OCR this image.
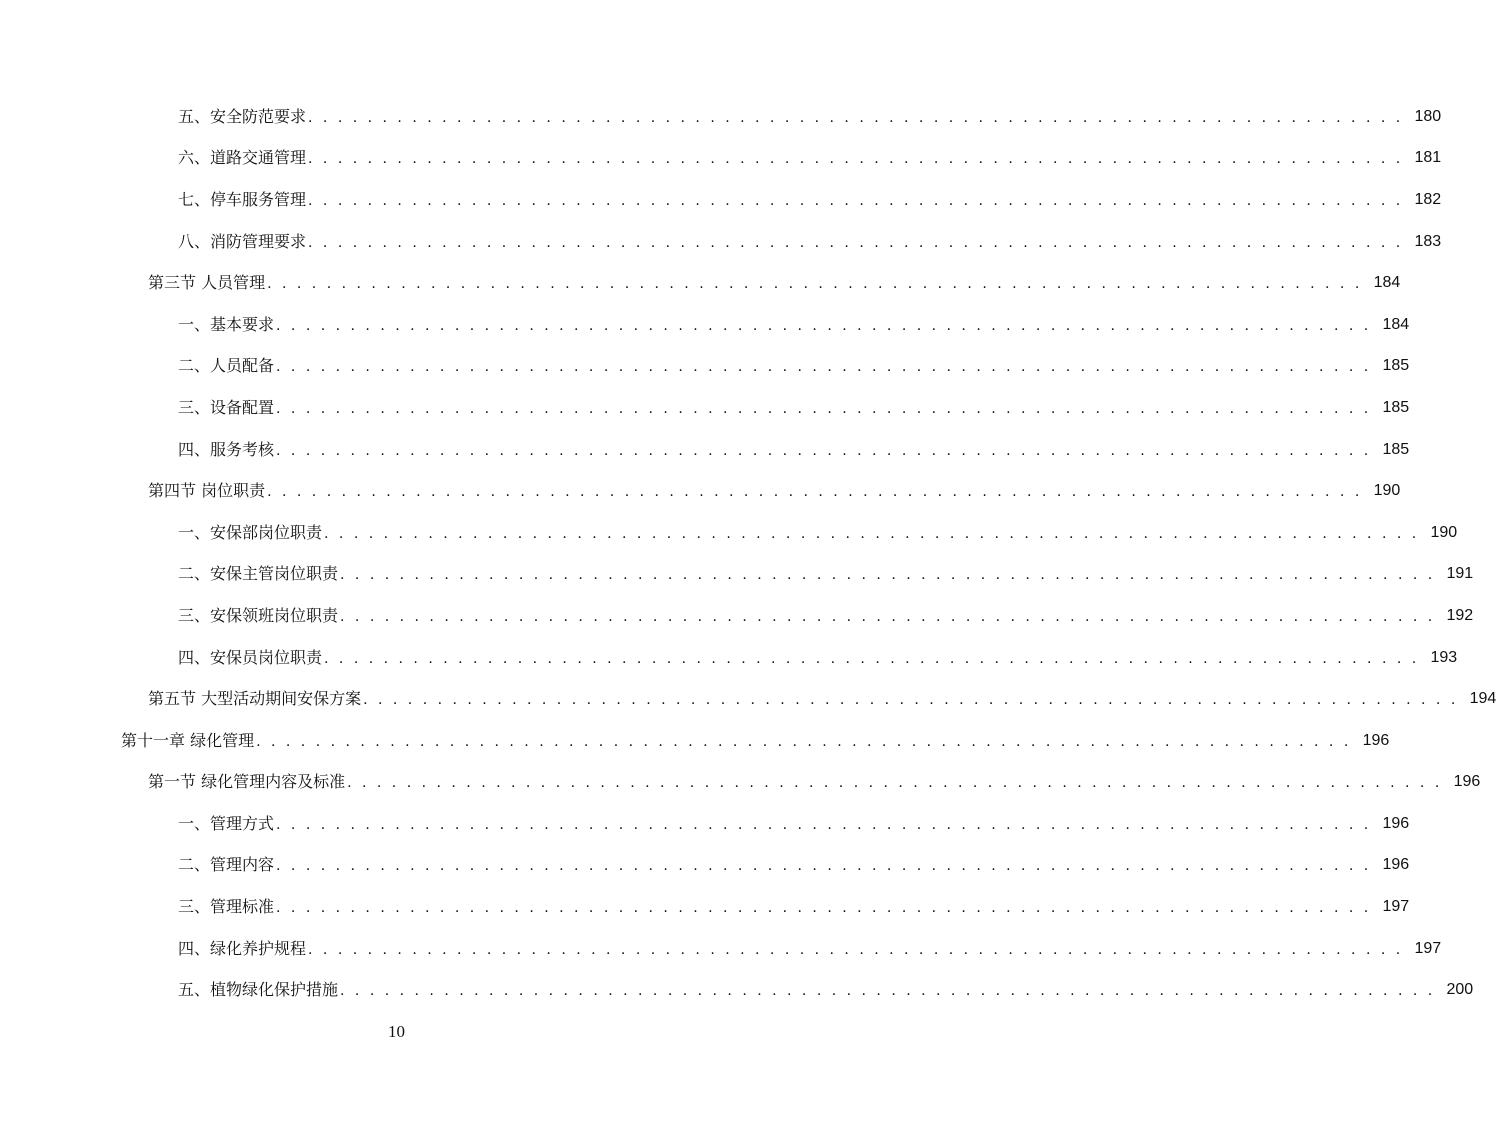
五、安全防范要求 . . . . . . . . . . . . . . . . . . . . . . . . . . . . . . . . . . . . . . . . . . . . . . . . . . . . . . . . . . . . . . . . . . . . . . . . . . 180
六、道路交通管理 . . . . . . . . . . . . . . . . . . . . . . . . . . . . . . . . . . . . . . . . . . . . . . . . . . . . . . . . . . . . . . . . . . . . . . . . . . 181
七、停车服务管理 . . . . . . . . . . . . . . . . . . . . . . . . . . . . . . . . . . . . . . . . . . . . . . . . . . . . . . . . . . . . . . . . . . . . . . . . . . 182
八、消防管理要求 . . . . . . . . . . . . . . . . . . . . . . . . . . . . . . . . . . . . . . . . . . . . . . . . . . . . . . . . . . . . . . . . . . . . . . . . . . 183
第三节 人员管理 . . . . . . . . . . . . . . . . . . . . . . . . . . . . . . . . . . . . . . . . . . . . . . . . . . . . . . . . . . . . . . . . . . . . . . . . . . 184
一、基本要求 . . . . . . . . . . . . . . . . . . . . . . . . . . . . . . . . . . . . . . . . . . . . . . . . . . . . . . . . . . . . . . . . . . . . . . . . . . 184
二、人员配备 . . . . . . . . . . . . . . . . . . . . . . . . . . . . . . . . . . . . . . . . . . . . . . . . . . . . . . . . . . . . . . . . . . . . . . . . . . 185
三、设备配置 . . . . . . . . . . . . . . . . . . . . . . . . . . . . . . . . . . . . . . . . . . . . . . . . . . . . . . . . . . . . . . . . . . . . . . . . . . 185
四、服务考核 . . . . . . . . . . . . . . . . . . . . . . . . . . . . . . . . . . . . . . . . . . . . . . . . . . . . . . . . . . . . . . . . . . . . . . . . . . 185
第四节 岗位职责 . . . . . . . . . . . . . . . . . . . . . . . . . . . . . . . . . . . . . . . . . . . . . . . . . . . . . . . . . . . . . . . . . . . . . . . . . . 190
一、安保部岗位职责 . . . . . . . . . . . . . . . . . . . . . . . . . . . . . . . . . . . . . . . . . . . . . . . . . . . . . . . . . . . . . . . . . . . . . . . . . . 190
二、安保主管岗位职责 . . . . . . . . . . . . . . . . . . . . . . . . . . . . . . . . . . . . . . . . . . . . . . . . . . . . . . . . . . . . . . . . . . . . . . . . . . 191
三、安保领班岗位职责 . . . . . . . . . . . . . . . . . . . . . . . . . . . . . . . . . . . . . . . . . . . . . . . . . . . . . . . . . . . . . . . . . . . . . . . . . . 192
四、安保员岗位职责 . . . . . . . . . . . . . . . . . . . . . . . . . . . . . . . . . . . . . . . . . . . . . . . . . . . . . . . . . . . . . . . . . . . . . . . . . . 193
第五节 大型活动期间安保方案 . . . . . . . . . . . . . . . . . . . . . . . . . . . . . . . . . . . . . . . . . . . . . . . . . . . . . . . . . . . . . . . . . . . . . . . . . . 194
第十一章 绿化管理 . . . . . . . . . . . . . . . . . . . . . . . . . . . . . . . . . . . . . . . . . . . . . . . . . . . . . . . . . . . . . . . . . . . . . . . . . . 196
第一节 绿化管理内容及标准 . . . . . . . . . . . . . . . . . . . . . . . . . . . . . . . . . . . . . . . . . . . . . . . . . . . . . . . . . . . . . . . . . . . . . . . . . . 196
一、管理方式 . . . . . . . . . . . . . . . . . . . . . . . . . . . . . . . . . . . . . . . . . . . . . . . . . . . . . . . . . . . . . . . . . . . . . . . . . . 196
二、管理内容 . . . . . . . . . . . . . . . . . . . . . . . . . . . . . . . . . . . . . . . . . . . . . . . . . . . . . . . . . . . . . . . . . . . . . . . . . . 196
三、管理标准 . . . . . . . . . . . . . . . . . . . . . . . . . . . . . . . . . . . . . . . . . . . . . . . . . . . . . . . . . . . . . . . . . . . . . . . . . . 197
四、绿化养护规程 . . . . . . . . . . . . . . . . . . . . . . . . . . . . . . . . . . . . . . . . . . . . . . . . . . . . . . . . . . . . . . . . . . . . . . . . . . 197
五、植物绿化保护措施 . . . . . . . . . . . . . . . . . . . . . . . . . . . . . . . . . . . . . . . . . . . . . . . . . . . . . . . . . . . . . . . . . . . . . . . . . . 200
10
